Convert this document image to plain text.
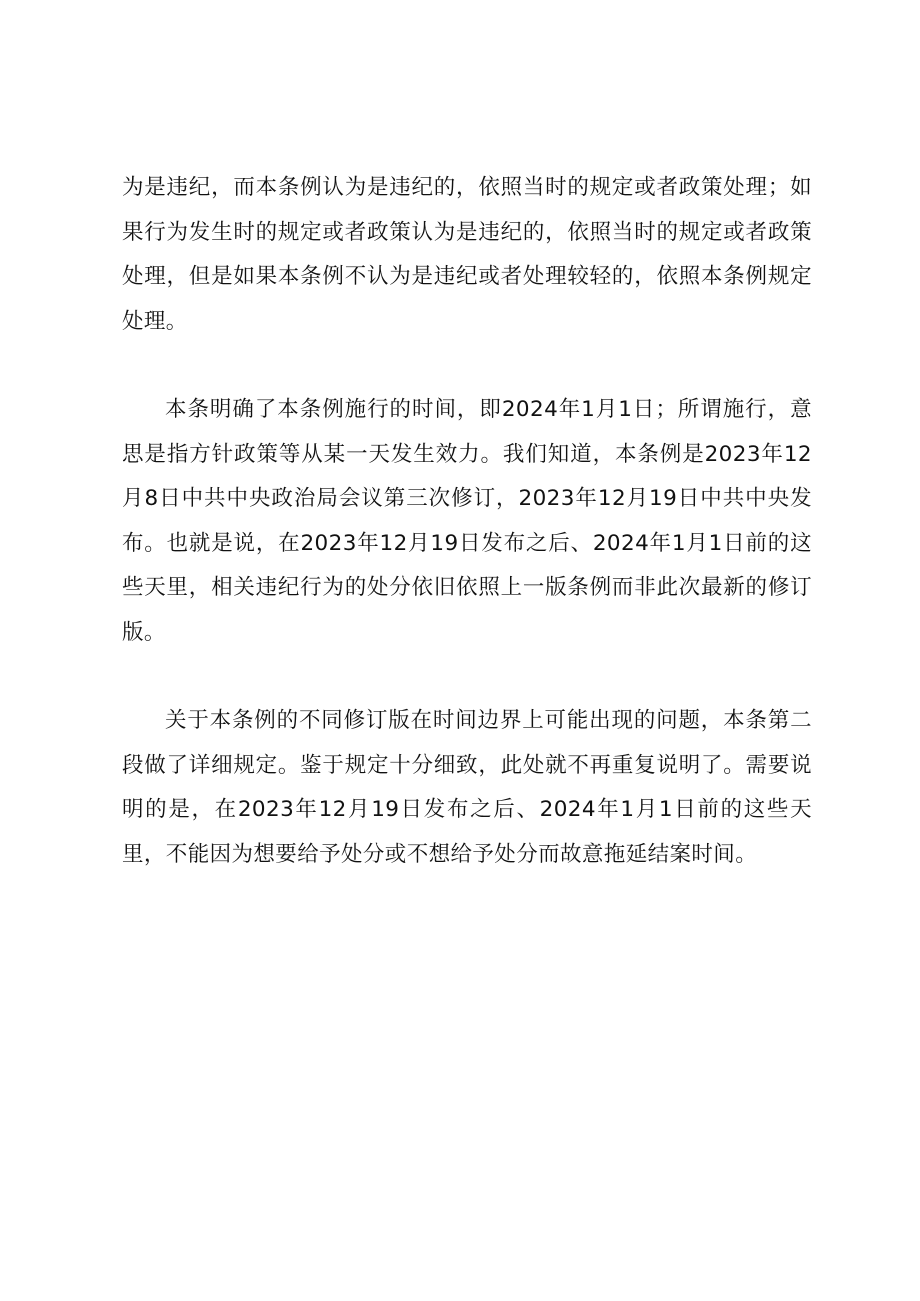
为是违纪，而本条例认为是违纪的，依照当时的规定或者政策处理；如果行为发生时的规定或者政策认为是违纪的，依照当时的规定或者政策处理，但是如果本条例不认为是违纪或者处理较轻的，依照本条例规定处理。

本条明确了本条例施行的时间，即2024年1月1日；所谓施行，意思是指方针政策等从某一天发生效力。我们知道，本条例是2023年12月8日中共中央政治局会议第三次修订，2023年12月19日中共中央发布。也就是说，在2023年12月19日发布之后、2024年1月1日前的这些天里，相关违纪行为的处分依旧依照上一版条例而非此次最新的修订版。

关于本条例的不同修订版在时间边界上可能出现的问题，本条第二段做了详细规定。鉴于规定十分细致，此处就不再重复说明了。需要说明的是，在2023年12月19日发布之后、2024年1月1日前的这些天里，不能因为想要给予处分或不想给予处分而故意拖延结案时间。
